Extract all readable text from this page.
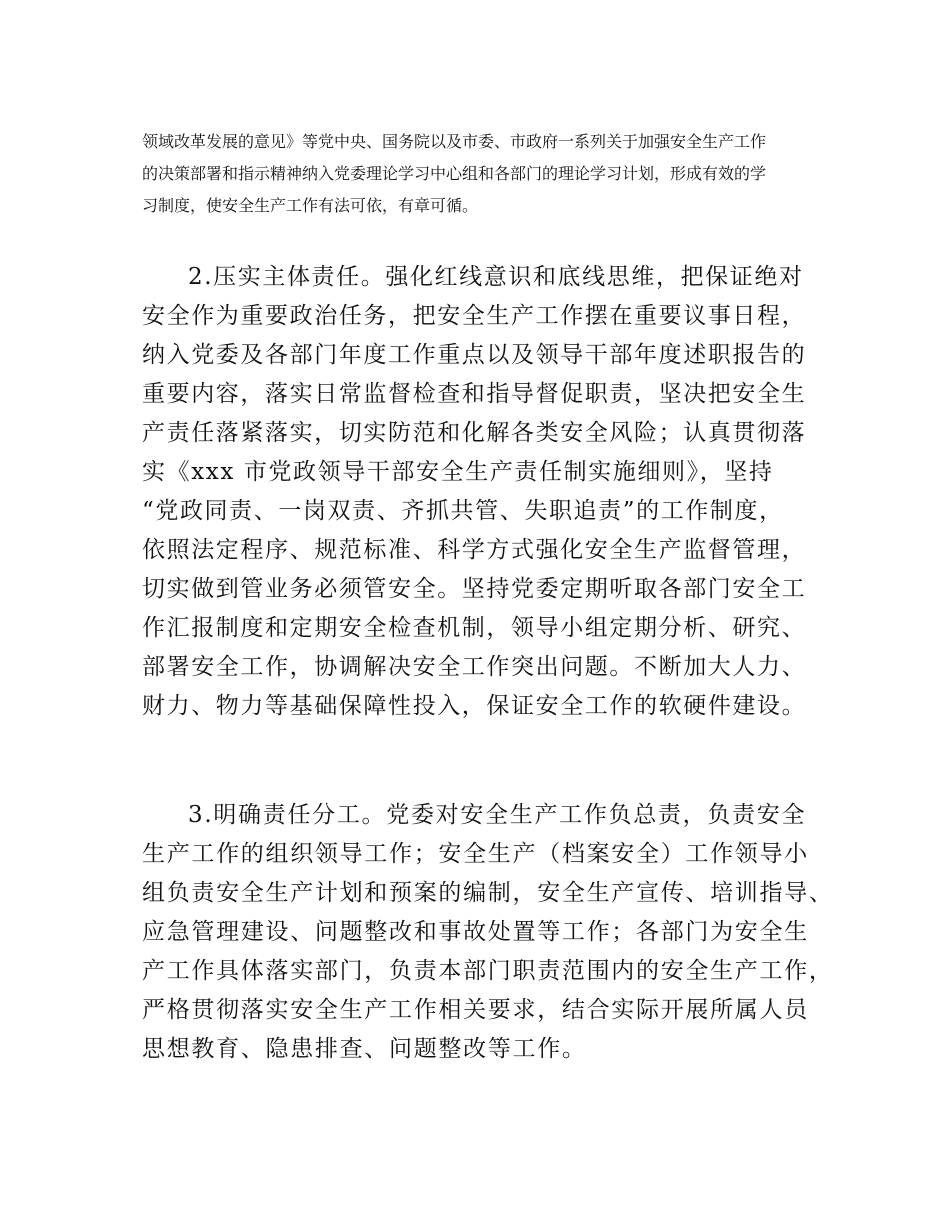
领域改革发展的意见》等党中央、国务院以及市委、市政府一系列关于加强安全生产工作
的决策部署和指示精神纳入党委理论学习中心组和各部门的理论学习计划，形成有效的学
习制度，使安全生产工作有法可依，有章可循。
2.压实主体责任。强化红线意识和底线思维，把保证绝对
安全作为重要政治任务，把安全生产工作摆在重要议事日程，
纳入党委及各部门年度工作重点以及领导干部年度述职报告的
重要内容，落实日常监督检查和指导督促职责，坚决把安全生
产责任落紧落实，切实防范和化解各类安全风险；认真贯彻落
实《xxx 市党政领导干部安全生产责任制实施细则》，坚持
“党政同责、一岗双责、齐抓共管、失职追责”的工作制度，
依照法定程序、规范标准、科学方式强化安全生产监督管理，
切实做到管业务必须管安全。坚持党委定期听取各部门安全工
作汇报制度和定期安全检查机制，领导小组定期分析、研究、
部署安全工作，协调解决安全工作突出问题。不断加大人力、
财力、物力等基础保障性投入，保证安全工作的软硬件建设。
3.明确责任分工。党委对安全生产工作负总责，负责安全
生产工作的组织领导工作；安全生产（档案安全）工作领导小
组负责安全生产计划和预案的编制，安全生产宣传、培训指导、
应急管理建设、问题整改和事故处置等工作；各部门为安全生
产工作具体落实部门，负责本部门职责范围内的安全生产工作，
严格贯彻落实安全生产工作相关要求，结合实际开展所属人员
思想教育、隐患排查、问题整改等工作。
